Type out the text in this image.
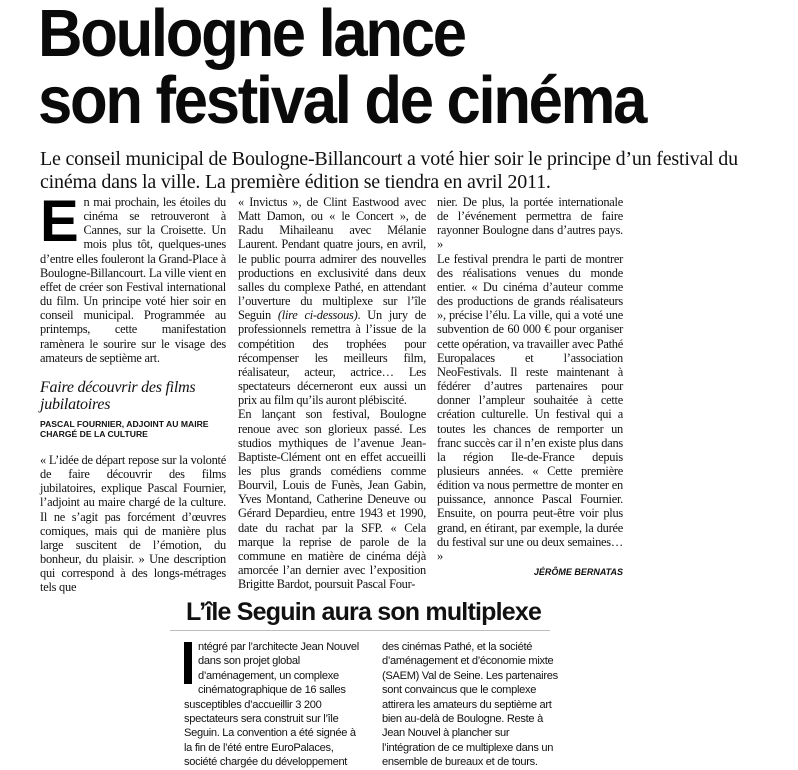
Boulogne lance
son festival de cinéma

Le conseil municipal de Boulogne-Billancourt a voté hier soir le principe d’un festival du cinéma dans la ville. La première édition se tiendra en avril 2011.

E n mai prochain, les étoiles du cinéma se retrouveront à Cannes, sur la Croisette. Un mois plus tôt, quelques-unes d’entre elles fouleront la Grand-Place à Boulogne-Billancourt. La ville vient en effet de créer son Festival international du film. Un principe voté hier soir en conseil municipal. Programmée au printemps, cette manifestation ramènera le sourire sur le visage des amateurs de septième art.

Faire découvrir des films jubilatoires
PASCAL FOURNIER, ADJOINT AU MAIRE CHARGÉ DE LA CULTURE

« L’idée de départ repose sur la volonté de faire découvrir des films jubilatoires, explique Pascal Fournier, l’adjoint au maire chargé de la culture. Il ne s’agit pas forcément d’œuvres comiques, mais qui de manière plus large suscitent de l’émotion, du bonheur, du plaisir. » Une description qui correspond à des longs-métrages tels que

« Invictus », de Clint Eastwood avec Matt Damon, ou « le Concert », de Radu Mihaileanu avec Mélanie Laurent. Pendant quatre jours, en avril, le public pourra admirer des nouvelles productions en exclusivité dans deux salles du complexe Pathé, en attendant l’ouverture du multiplexe sur l’île Seguin (lire ci-dessous). Un jury de professionnels remettra à l’issue de la compétition des trophées pour récompenser les meilleurs film, réalisateur, acteur, actrice… Les spectateurs décerneront eux aussi un prix au film qu’ils auront plébiscité.

En lançant son festival, Boulogne renoue avec son glorieux passé. Les studios mythiques de l’avenue Jean-Baptiste-Clément ont en effet accueilli les plus grands comédiens comme Bourvil, Louis de Funès, Jean Gabin, Yves Montand, Catherine Deneuve ou Gérard Depardieu, entre 1943 et 1990, date du rachat par la SFP. « Cela marque la reprise de parole de la commune en matière de cinéma déjà amorcée l’an dernier avec l’exposition Brigitte Bardot, poursuit Pascal Four-

nier. De plus, la portée internationale de l’événement permettra de faire rayonner Boulogne dans d’autres pays. »

Le festival prendra le parti de montrer des réalisations venues du monde entier. « Du cinéma d’auteur comme des productions de grands réalisateurs », précise l’élu. La ville, qui a voté une subvention de 60 000 € pour organiser cette opération, va travailler avec Pathé Europalaces et l’association NeoFestivals. Il reste maintenant à fédérer d’autres partenaires pour donner l’ampleur souhaitée à cette création culturelle. Un festival qui a toutes les chances de remporter un franc succès car il n’en existe plus dans la région Ile-de-France depuis plusieurs années. « Cette première édition va nous permettre de monter en puissance, annonce Pascal Fournier. Ensuite, on pourra peut-être voir plus grand, en étirant, par exemple, la durée du festival sur une ou deux semaines… »

JÉRÔME BERNATAS
L’île Seguin aura son multiplexe

ntégré par l’architecte Jean Nouvel dans son projet global d’aménagement, un complexe cinématographique de 16 salles susceptibles d’accueillir 3 200 spectateurs sera construit sur l’île Seguin. La convention a été signée à la fin de l’été entre EuroPalaces, société chargée du développement

des cinémas Pathé, et la société d’aménagement et d’économie mixte (SAEM) Val de Seine. Les partenaires sont convaincus que le complexe attirera les amateurs du septième art bien au-delà de Boulogne. Reste à Jean Nouvel à plancher sur l’intégration de ce multiplexe dans un ensemble de bureaux et de tours.
